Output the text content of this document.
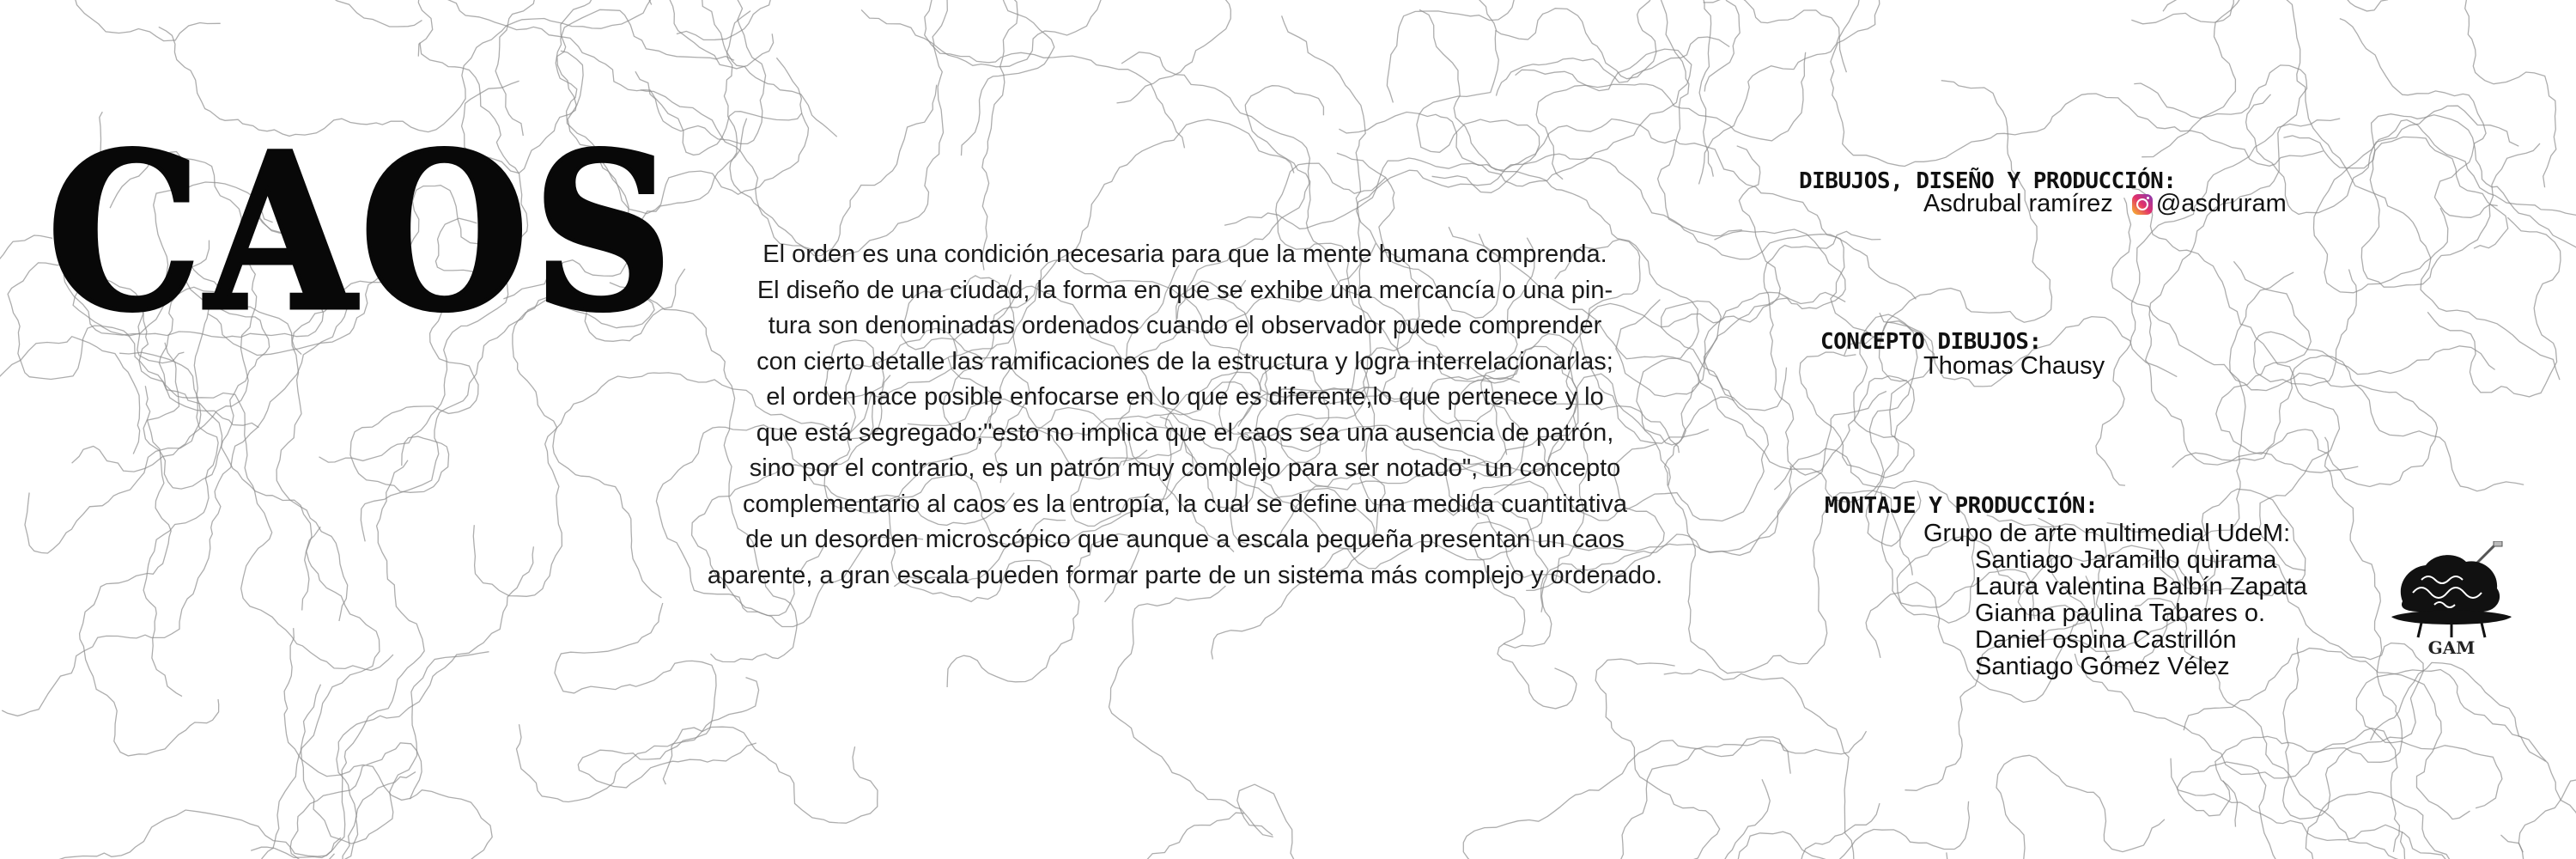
CAOS	El orden es una condición necesaria para que la mente humana comprenda.
El diseño de una ciudad, la forma en que se exhibe una mercancía o una pin-
tura son denominadas ordenados cuando el observador puede comprender
con cierto detalle las ramificaciones de la estructura y logra interrelacionarlas;
el orden hace posible enfocarse en lo que es diferente,lo que pertenece y lo
que está segregado;"esto no implica que el caos sea una ausencia de patrón,
sino por el contrario, es un patrón muy complejo para ser notado", un concepto
complementario al caos es la entropía, la cual se define una medida cuantitativa
de un desorden microscópico que aunque a escala pequeña presentan un caos
aparente, a gran escala pueden formar parte de un sistema más complejo y ordenado.
DIBUJOS, DISEÑO Y PRODUCCIÓN:
Asdrubal ramírez @asdruram
CONCEPTO DIBUJOS:
Thomas Chausy
MONTAJE Y PRODUCCIÓN:
Grupo de arte multimedial UdeM:
Santiago Jaramillo quirama
Laura valentina Balbín Zapata
Gianna paulina Tabares o.
Daniel ospina Castrillón
Santiago Gómez Vélez
GAM
